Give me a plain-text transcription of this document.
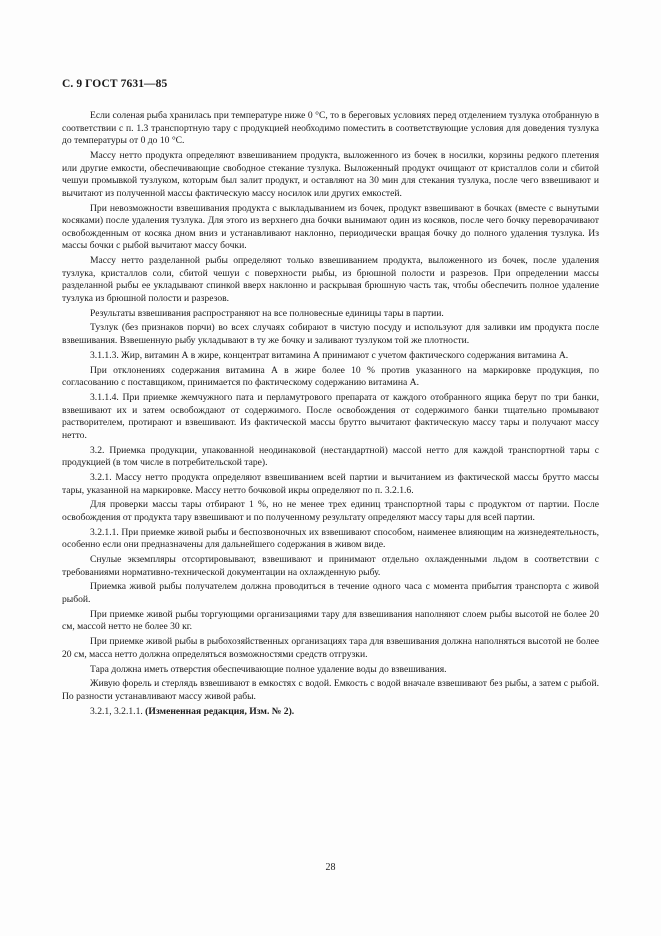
С. 9 ГОСТ 7631—85

Если соленая рыба хранилась при температуре ниже 0 °С, то в береговых условиях перед отделением тузлука отобранную в соответствии с п. 1.3 транспортную тару с продукцией необходимо поместить в соответствующие условия для доведения тузлука до температуры от 0 до 10 °С.

Массу нетто продукта определяют взвешиванием продукта, выложенного из бочек в носилки, корзины редкого плетения или другие емкости, обеспечивающие свободное стекание тузлука. Выложенный продукт очищают от кристаллов соли и сбитой чешуи промывкой тузлуком, которым был залит продукт, и оставляют на 30 мин для стекания тузлука, после чего взвешивают и вычитают из полученной массы фактическую массу носилок или других емкостей.

При невозможности взвешивания продукта с выкладыванием из бочек, продукт взвешивают в бочках (вместе с вынутыми косяками) после удаления тузлука. Для этого из верхнего дна бочки вынимают один из косяков, после чего бочку переворачивают освобожденным от косяка дном вниз и устанавливают наклонно, периодически вращая бочку до полного удаления тузлука. Из массы бочки с рыбой вычитают массу бочки.

Массу нетто разделанной рыбы определяют только взвешиванием продукта, выложенного из бочек, после удаления тузлука, кристаллов соли, сбитой чешуи с поверхности рыбы, из брюшной полости и разрезов. При определении массы разделанной рыбы ее укладывают спинкой вверх наклонно и раскрывая брюшную часть так, чтобы обеспечить полное удаление тузлука из брюшной полости и разрезов.

Результаты взвешивания распространяют на все полновесные единицы тары в партии.

Тузлук (без признаков порчи) во всех случаях собирают в чистую посуду и используют для заливки им продукта после взвешивания. Взвешенную рыбу укладывают в ту же бочку и заливают тузлуком той же плотности.

3.1.1.3. Жир, витамин А в жире, концентрат витамина А принимают с учетом фактического содержания витамина А.

При отклонениях содержания витамина А в жире более 10 % против указанного на маркировке продукция, по согласованию с поставщиком, принимается по фактическому содержанию витамина А.

3.1.1.4. При приемке жемчужного пата и перламутрового препарата от каждого отобранного ящика берут по три банки, взвешивают их и затем освобождают от содержимого. После освобождения от содержимого банки тщательно промывают растворителем, протирают и взвешивают. Из фактической массы брутто вычитают фактическую массу тары и получают массу нетто.

3.2. Приемка продукции, упакованной неодинаковой (нестандартной) массой нетто для каждой транспортной тары с продукцией (в том числе в потребительской таре).

3.2.1. Массу нетто продукта определяют взвешиванием всей партии и вычитанием из фактической массы брутто массы тары, указанной на маркировке. Массу нетто бочковой икры определяют по п. 3.2.1.6.

Для проверки массы тары отбирают 1 %, но не менее трех единиц транспортной тары с продуктом от партии. После освобождения от продукта тару взвешивают и по полученному результату определяют массу тары для всей партии.

3.2.1.1. При приемке живой рыбы и беспозвоночных их взвешивают способом, наименее влияющим на жизнедеятельность, особенно если они предназначены для дальнейшего содержания в живом виде.

Снулые экземпляры отсортировывают, взвешивают и принимают отдельно охлажденными льдом в соответствии с требованиями нормативно-технической документации на охлажденную рыбу.

Приемка живой рыбы получателем должна проводиться в течение одного часа с момента прибытия транспорта с живой рыбой.

При приемке живой рыбы торгующими организациями тару для взвешивания наполняют слоем рыбы высотой не более 20 см, массой нетто не более 30 кг.

При приемке живой рыбы в рыбохозяйственных организациях тара для взвешивания должна наполняться высотой не более 20 см, масса нетто должна определяться возможностями средств отгрузки.

Тара должна иметь отверстия обеспечивающие полное удаление воды до взвешивания.

Живую форель и стерлядь взвешивают в емкостях с водой. Емкость с водой вначале взвешивают без рыбы, а затем с рыбой. По разности устанавливают массу живой рабы.

3.2.1, 3.2.1.1. (Измененная редакция, Изм. № 2).

28
